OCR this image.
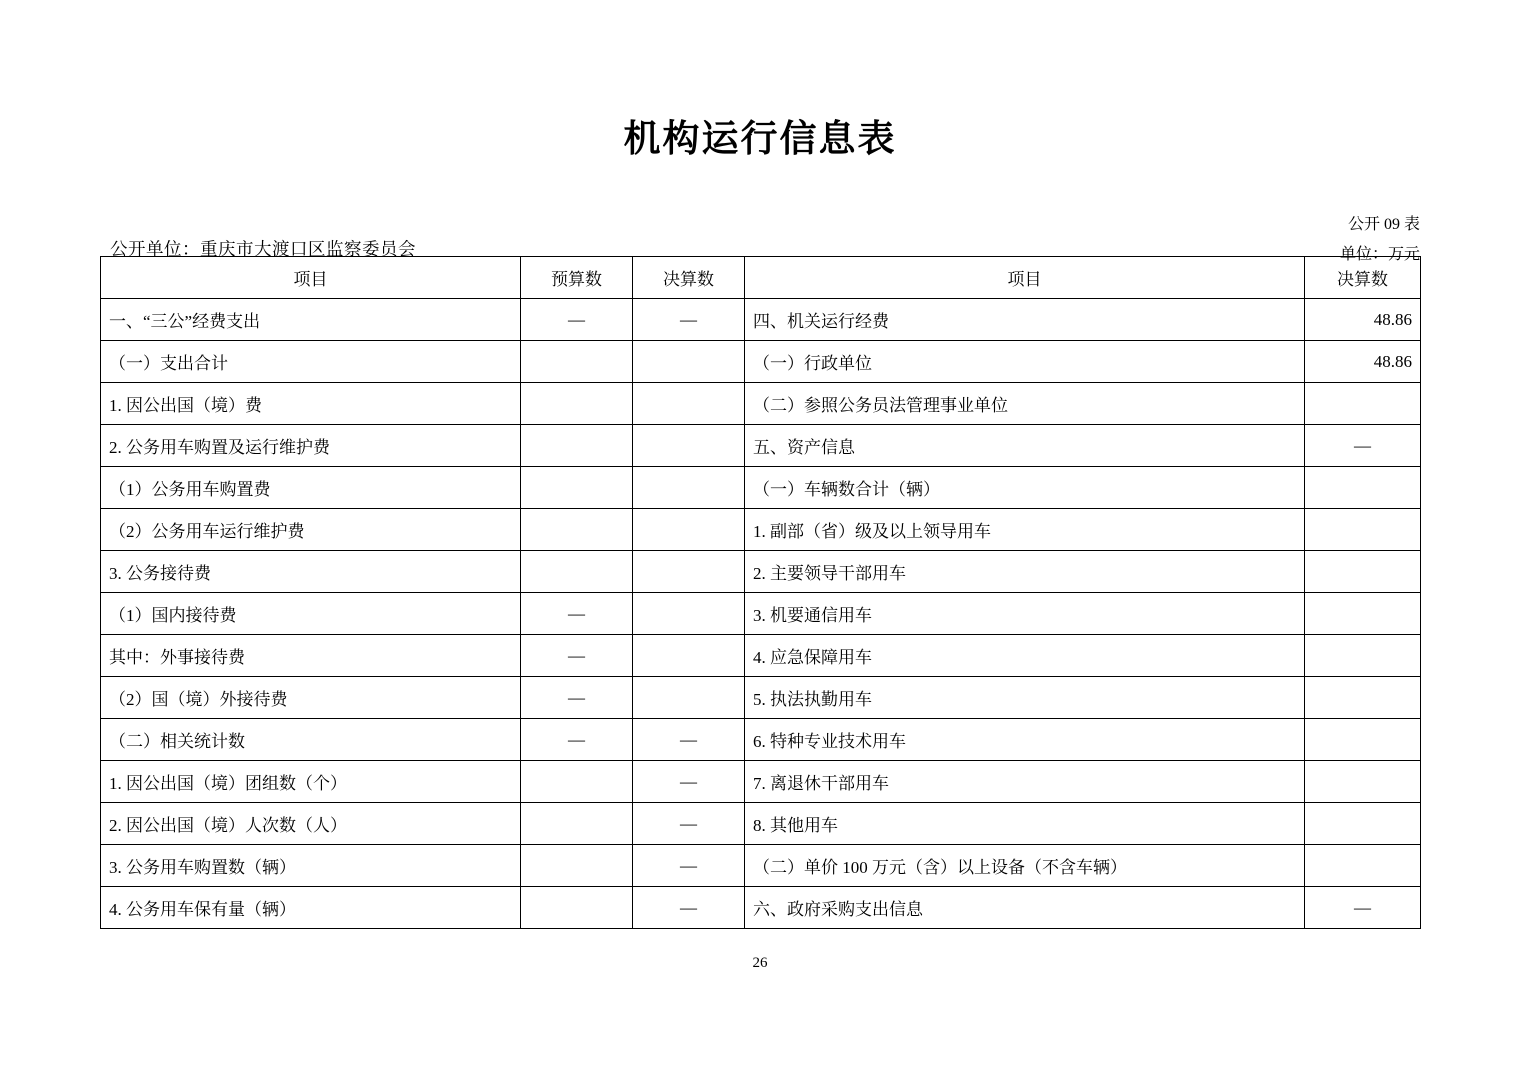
机构运行信息表
公开单位：重庆市大渡口区监察委员会
公开 09 表
单位：万元
项目	预算数	决算数	项目	决算数
一、“三公”经费支出	—	—	四、机关运行经费	48.86
（一）支出合计			（一）行政单位	48.86
1. 因公出国（境）费			（二）参照公务员法管理事业单位	
2. 公务用车购置及运行维护费			五、资产信息	—
（1）公务用车购置费			（一）车辆数合计（辆）	
（2）公务用车运行维护费			1. 副部（省）级及以上领导用车	
3. 公务接待费			2. 主要领导干部用车	
（1）国内接待费	—		3. 机要通信用车	
其中：外事接待费	—		4. 应急保障用车	
（2）国（境）外接待费	—		5. 执法执勤用车	
（二）相关统计数	—	—	6. 特种专业技术用车	
1. 因公出国（境）团组数（个）		—	7. 离退休干部用车	
2. 因公出国（境）人次数（人）		—	8. 其他用车	
3. 公务用车购置数（辆）		—	（二）单价 100 万元（含）以上设备（不含车辆）	
4. 公务用车保有量（辆）		—	六、政府采购支出信息	—
26
